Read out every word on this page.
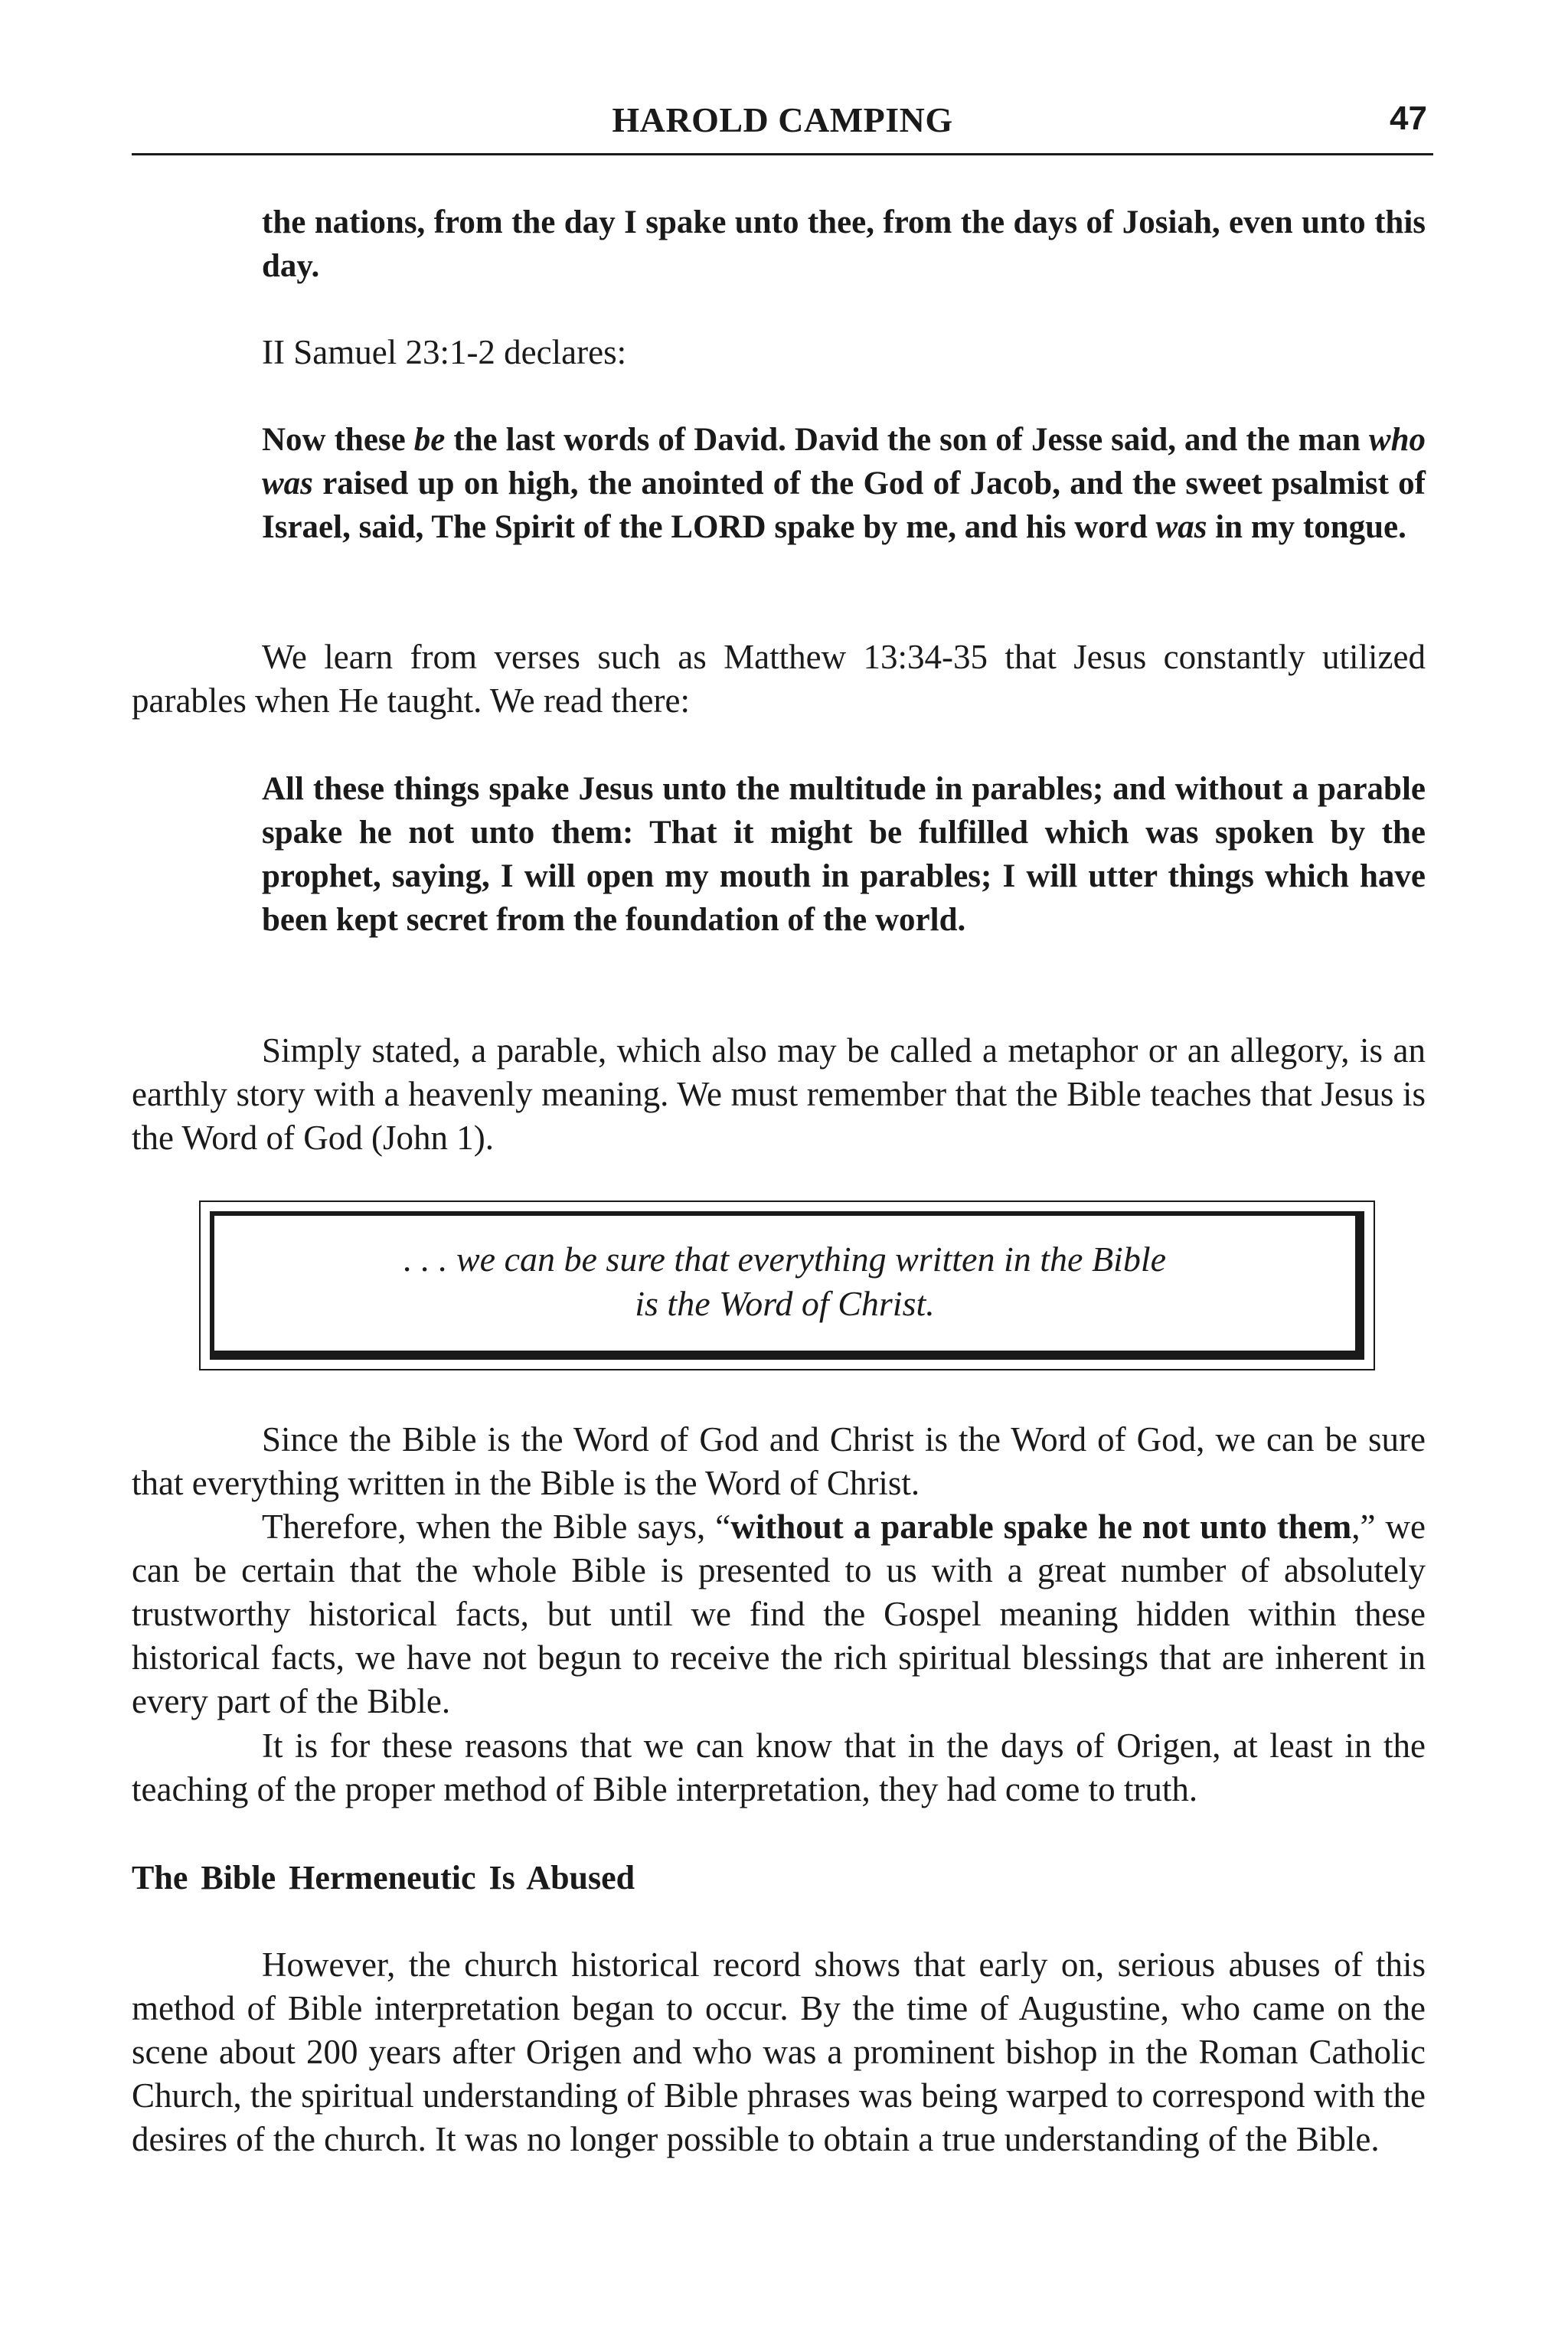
HAROLD CAMPING	47

the nations, from the day I spake unto thee, from the days of Josiah, even unto this day.

II Samuel 23:1-2 declares:

Now these be the last words of David. David the son of Jesse said, and the man who was raised up on high, the anointed of the God of Jacob, and the sweet psalmist of Israel, said, The Spirit of the LORD spake by me, and his word was in my tongue.

We learn from verses such as Matthew 13:34-35 that Jesus constantly utilized parables when He taught. We read there:

All these things spake Jesus unto the multitude in parables; and without a parable spake he not unto them: That it might be fulfilled which was spoken by the prophet, saying, I will open my mouth in parables; I will utter things which have been kept secret from the foundation of the world.

Simply stated, a parable, which also may be called a metaphor or an allegory, is an earthly story with a heavenly meaning. We must remember that the Bible teaches that Jesus is the Word of God (John 1).

. . . we can be sure that everything written in the Bible
is the Word of Christ.

Since the Bible is the Word of God and Christ is the Word of God, we can be sure that everything written in the Bible is the Word of Christ.

Therefore, when the Bible says, “without a parable spake he not unto them,” we can be certain that the whole Bible is presented to us with a great number of absolutely trustworthy historical facts, but until we find the Gospel meaning hidden within these historical facts, we have not begun to receive the rich spiritual blessings that are inherent in every part of the Bible.

It is for these reasons that we can know that in the days of Origen, at least in the teaching of the proper method of Bible interpretation, they had come to truth.

The Bible Hermeneutic Is Abused

However, the church historical record shows that early on, serious abuses of this method of Bible interpretation began to occur. By the time of Augustine, who came on the scene about 200 years after Origen and who was a prominent bishop in the Roman Catholic Church, the spiritual understanding of Bible phrases was being warped to correspond with the desires of the church. It was no longer possible to obtain a true understanding of the Bible.
